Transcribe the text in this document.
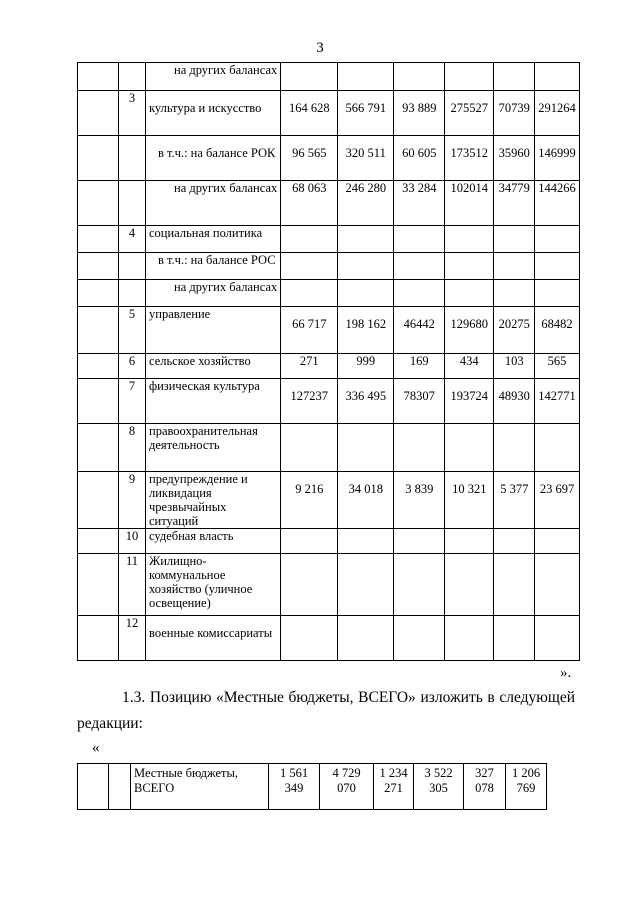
3
		на других балансах						
	3	культура и искусство	164 628	566 791	93 889	275527	70739	291264
		в т.ч.: на балансе РОК	96 565	320 511	60 605	173512	35960	146999
		на других балансах	68 063	246 280	33 284	102014	34779	144266
	4	социальная политика						
		в т.ч.: на балансе РОС						
		на других балансах						
	5	управление	66 717	198 162	46442	129680	20275	68482
	6	сельское хозяйство	271	999	169	434	103	565
	7	физическая культура	127237	336 495	78307	193724	48930	142771
	8	правоохранительная деятельность						
	9	предупреждение и ликвидация чрезвычайных ситуаций	9 216	34 018	3 839	10 321	5 377	23 697
	10	судебная власть						
	11	Жилищно-коммунальное хозяйство (уличное освещение)						
	12	военные комиссариаты						
».
1.3. Позицию «Местные бюджеты, ВСЕГО» изложить в следующей
редакции:
«
		Местные бюджеты, ВСЕГО	1 561 349	4 729 070	1 234 271	3 522 305	327 078	1 206 769
